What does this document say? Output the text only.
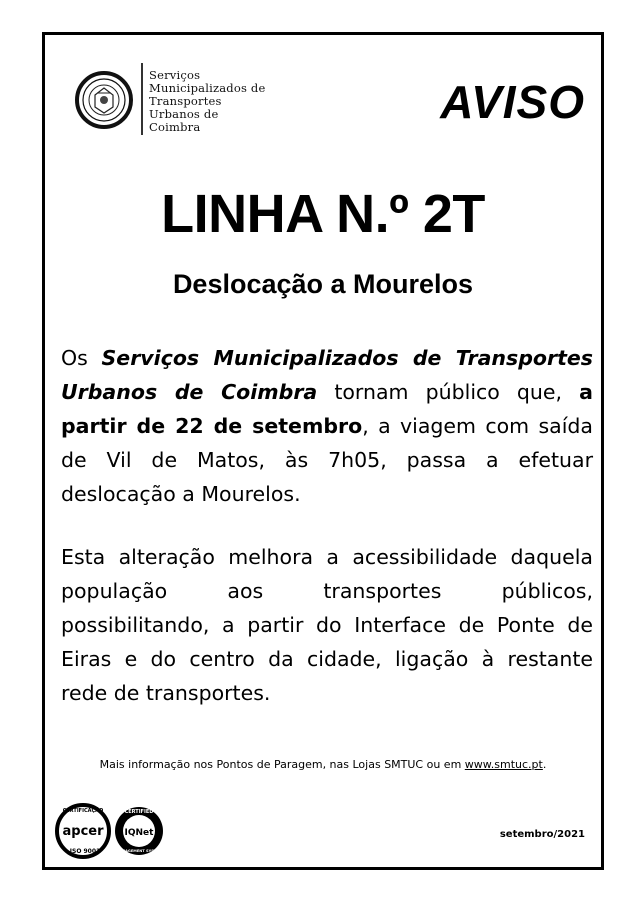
Serviços
Municipalizados de
Transportes
Urbanos de
Coimbra	AVISO
LINHA N.º 2T
Deslocação a Mourelos
Os Serviços Municipalizados de Transportes Urbanos de Coimbra tornam público que, a partir de 22 de setembro, a viagem com saída de Vil de Matos, às 7h05, passa a efetuar deslocação a Mourelos.
Esta alteração melhora a acessibilidade daquela
população aos transportes públicos,
possibilitando, a partir do Interface de Ponte de
Eiras e do centro da cidade, ligação à restante
rede de transportes.
Mais informação nos Pontos de Paragem, nas Lojas SMTUC ou em www.smtuc.pt.
CERTIFICAÇÃO
apcer
ISO 9001
CERTIFIED
IQNet
MANAGEMENT SYSTEM
setembro/2021
